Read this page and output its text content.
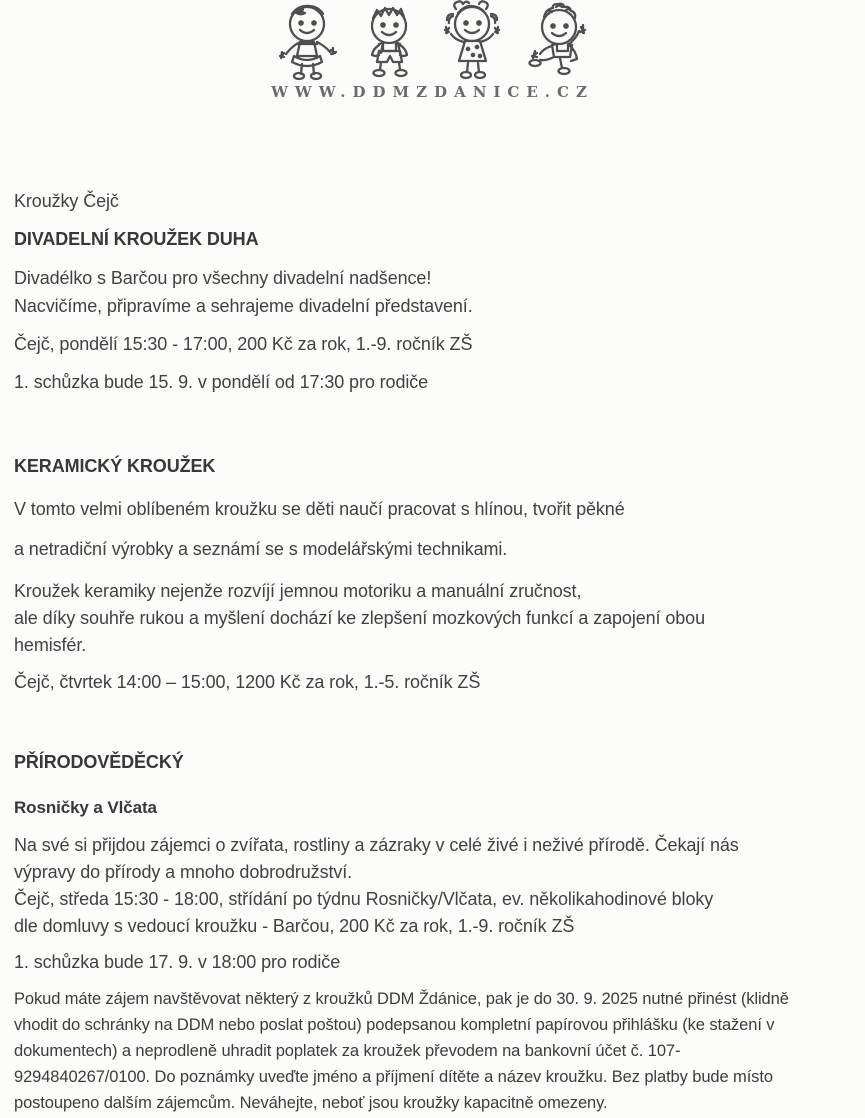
WWW.DDMZDANICE.CZ
Kroužky Čejč
DIVADELNÍ KROUŽEK DUHA
Divadélko s Barčou pro všechny divadelní nadšence!
Nacvičíme, připravíme a sehrajeme divadelní představení.
Čejč, pondělí 15:30 - 17:00, 200 Kč za rok, 1.-9. ročník ZŠ
1. schůzka bude 15. 9. v pondělí od 17:30 pro rodiče
KERAMICKÝ KROUŽEK
V tomto velmi oblíbeném kroužku se děti naučí pracovat s hlínou, tvořit pěkné
a netradiční výrobky a seznámí se s modelářskými technikami.
Kroužek keramiky nejenže rozvíjí jemnou motoriku a manuální zručnost,
ale díky souhře rukou a myšlení dochází ke zlepšení mozkových funkcí a zapojení obou
hemisfér.
Čejč, čtvrtek 14:00 – 15:00, 1200 Kč za rok, 1.-5. ročník ZŠ
PŘÍRODOVĚDĚCKÝ
Rosničky a Vlčata
Na své si přijdou zájemci o zvířata, rostliny a zázraky v celé živé i neživé přírodě. Čekají nás
výpravy do přírody a mnoho dobrodružství.
Čejč, středa 15:30 - 18:00, střídání po týdnu Rosničky/Vlčata, ev. několikahodinové bloky
dle domluvy s vedoucí kroužku - Barčou, 200 Kč za rok, 1.-9. ročník ZŠ
1. schůzka bude 17. 9. v 18:00 pro rodiče
Pokud máte zájem navštěvovat některý z kroužků DDM Ždánice, pak je do 30. 9. 2025 nutné přinést (klidně
vhodit do schránky na DDM nebo poslat poštou) podepsanou kompletní papírovou přihlášku (ke stažení v
dokumentech) a neprodleně uhradit poplatek za kroužek převodem na bankovní účet č. 107-
9294840267/0100. Do poznámky uveďte jméno a příjmení dítěte a název kroužku. Bez platby bude místo
postoupeno dalším zájemcům. Neváhejte, neboť jsou kroužky kapacitně omezeny.
